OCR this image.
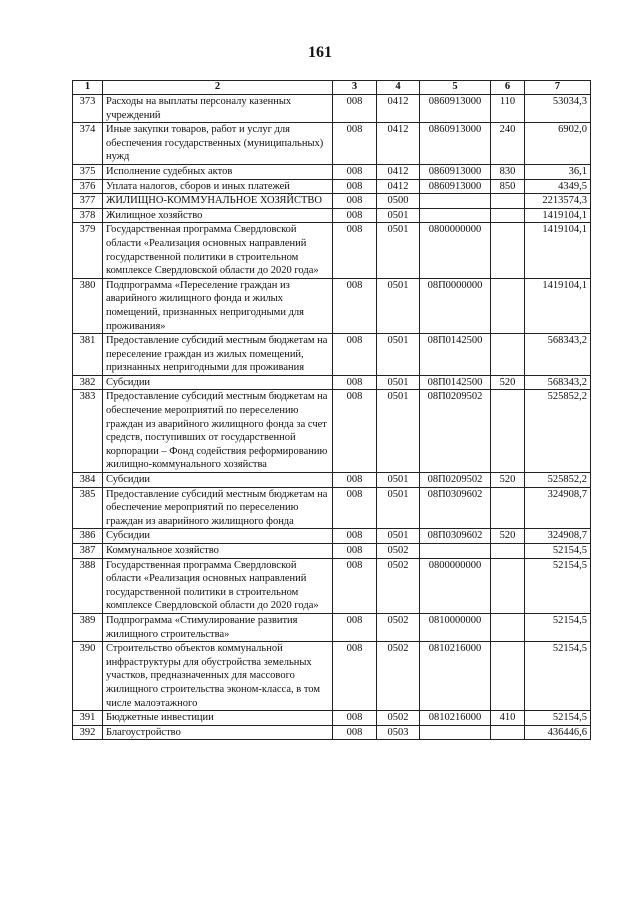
161
1	2	3	4	5	6	7
373	Расходы на выплаты персоналу казенных учреждений	008	0412	0860913000	110	53034,3
374	Иные закупки товаров, работ и услуг для обеспечения государственных (муниципальных) нужд	008	0412	0860913000	240	6902,0
375	Исполнение судебных актов	008	0412	0860913000	830	36,1
376	Уплата налогов, сборов и иных платежей	008	0412	0860913000	850	4349,5
377	ЖИЛИЩНО-КОММУНАЛЬНОЕ ХОЗЯЙСТВО	008	0500			2213574,3
378	Жилищное хозяйство	008	0501			1419104,1
379	Государственная программа Свердловской области «Реализация основных направлений государственной политики в строительном комплексе Свердловской области до 2020 года»	008	0501	0800000000		1419104,1
380	Подпрограмма «Переселение граждан из аварийного жилищного фонда и жилых помещений, признанных непригодными для проживания»	008	0501	08П0000000		1419104,1
381	Предоставление субсидий местным бюджетам на переселение граждан из жилых помещений, признанных непригодными для проживания	008	0501	08П0142500		568343,2
382	Субсидии	008	0501	08П0142500	520	568343,2
383	Предоставление субсидий местным бюджетам на обеспечение мероприятий по переселению граждан из аварийного жилищного фонда за счет средств, поступивших от государственной корпорации – Фонд содействия реформированию жилищно-коммунального хозяйства	008	0501	08П0209502		525852,2
384	Субсидии	008	0501	08П0209502	520	525852,2
385	Предоставление субсидий местным бюджетам на обеспечение мероприятий по переселению граждан из аварийного жилищного фонда	008	0501	08П0309602		324908,7
386	Субсидии	008	0501	08П0309602	520	324908,7
387	Коммунальное хозяйство	008	0502			52154,5
388	Государственная программа Свердловской области «Реализация основных направлений государственной политики в строительном комплексе Свердловской области до 2020 года»	008	0502	0800000000		52154,5
389	Подпрограмма «Стимулирование развития жилищного строительства»	008	0502	0810000000		52154,5
390	Строительство объектов коммунальной инфраструктуры для обустройства земельных участков, предназначенных для массового жилищного строительства эконом-класса, в том числе малоэтажного	008	0502	0810216000		52154,5
391	Бюджетные инвестиции	008	0502	0810216000	410	52154,5
392	Благоустройство	008	0503			436446,6
